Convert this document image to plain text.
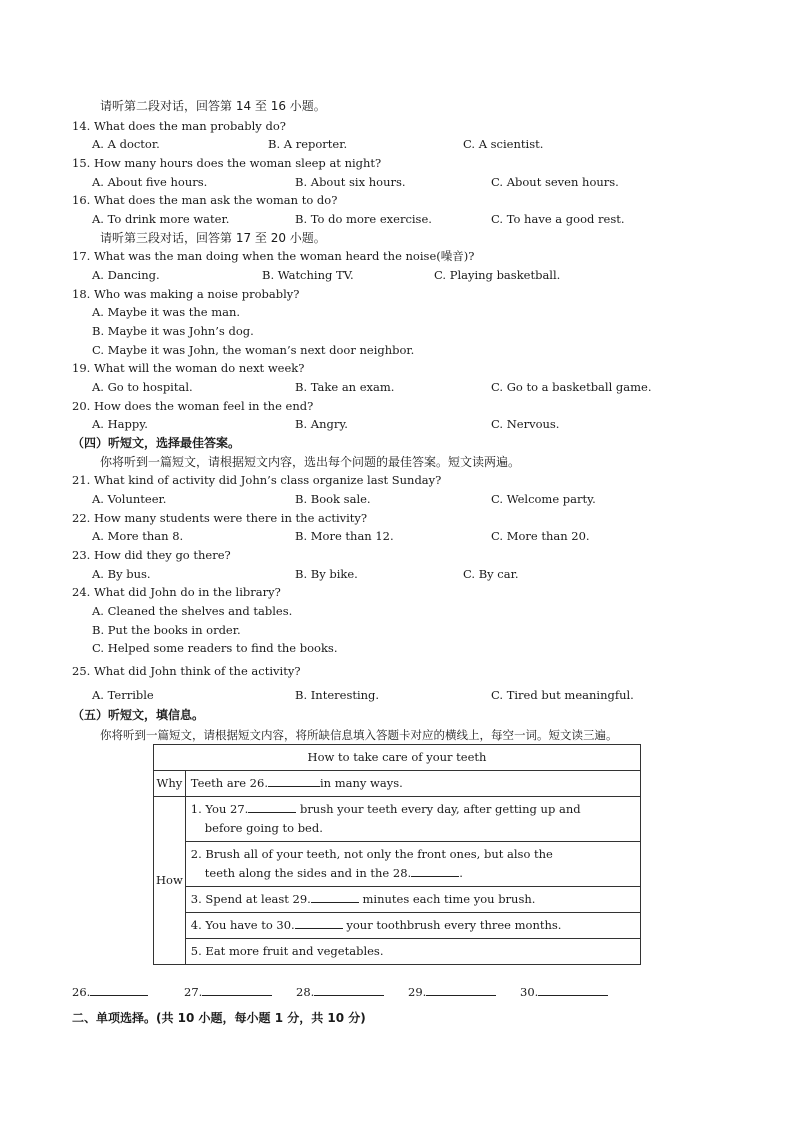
请听第二段对话，回答第 14 至 16 小题。
14. What does the man probably do?
A. A doctor.	B. A reporter.	C. A scientist.
15. How many hours does the woman sleep at night?
A. About five hours.	B. About six hours.	C. About seven hours.
16. What does the man ask the woman to do?
A. To drink more water.	B. To do more exercise.	C. To have a good rest.
请听第三段对话，回答第 17 至 20 小题。
17. What was the man doing when the woman heard the noise(噪音)?
A. Dancing.	B. Watching TV.	C. Playing basketball.
18. Who was making a noise probably?
A. Maybe it was the man.
B. Maybe it was John’s dog.
C. Maybe it was John, the woman’s next door neighbor.
19. What will the woman do next week?
A. Go to hospital.	B. Take an exam.	C. Go to a basketball game.
20. How does the woman feel in the end?
A. Happy.	B. Angry.	C. Nervous.
（四）听短文，选择最佳答案。
你将听到一篇短文，请根据短文内容，选出每个问题的最佳答案。短文读两遍。
21. What kind of activity did John’s class organize last Sunday?
A. Volunteer.	B. Book sale.	C. Welcome party.
22. How many students were there in the activity?
A. More than 8.	B. More than 12.	C. More than 20.
23. How did they go there?
A. By bus.	B. By bike.	C. By car.
24. What did John do in the library?
A. Cleaned the shelves and tables.
B. Put the books in order.
C. Helped some readers to find the books.
25. What did John think of the activity?
A. Terrible	B. Interesting.	C. Tired but meaningful.
（五）听短文，填信息。
你将听到一篇短文，请根据短文内容，将所缺信息填入答题卡对应的横线上，每空一词。短文读三遍。
How to take care of your teeth	
Why	Teeth are 26. in many ways.
How	1. You 27. brush your teeth every day, after getting up and
before going to bed.
	2. Brush all of your teeth, not only the front ones, but also the
teeth along the sides and in the 28. .
	3. Spend at least 29. minutes each time you brush.
	4. You have to 30. your toothbrush every three months.
	5. Eat more fruit and vegetables.
26.	27.	28.	29.	30.
二、单项选择。(共 10 小题，每小题 1 分，共 10 分)
